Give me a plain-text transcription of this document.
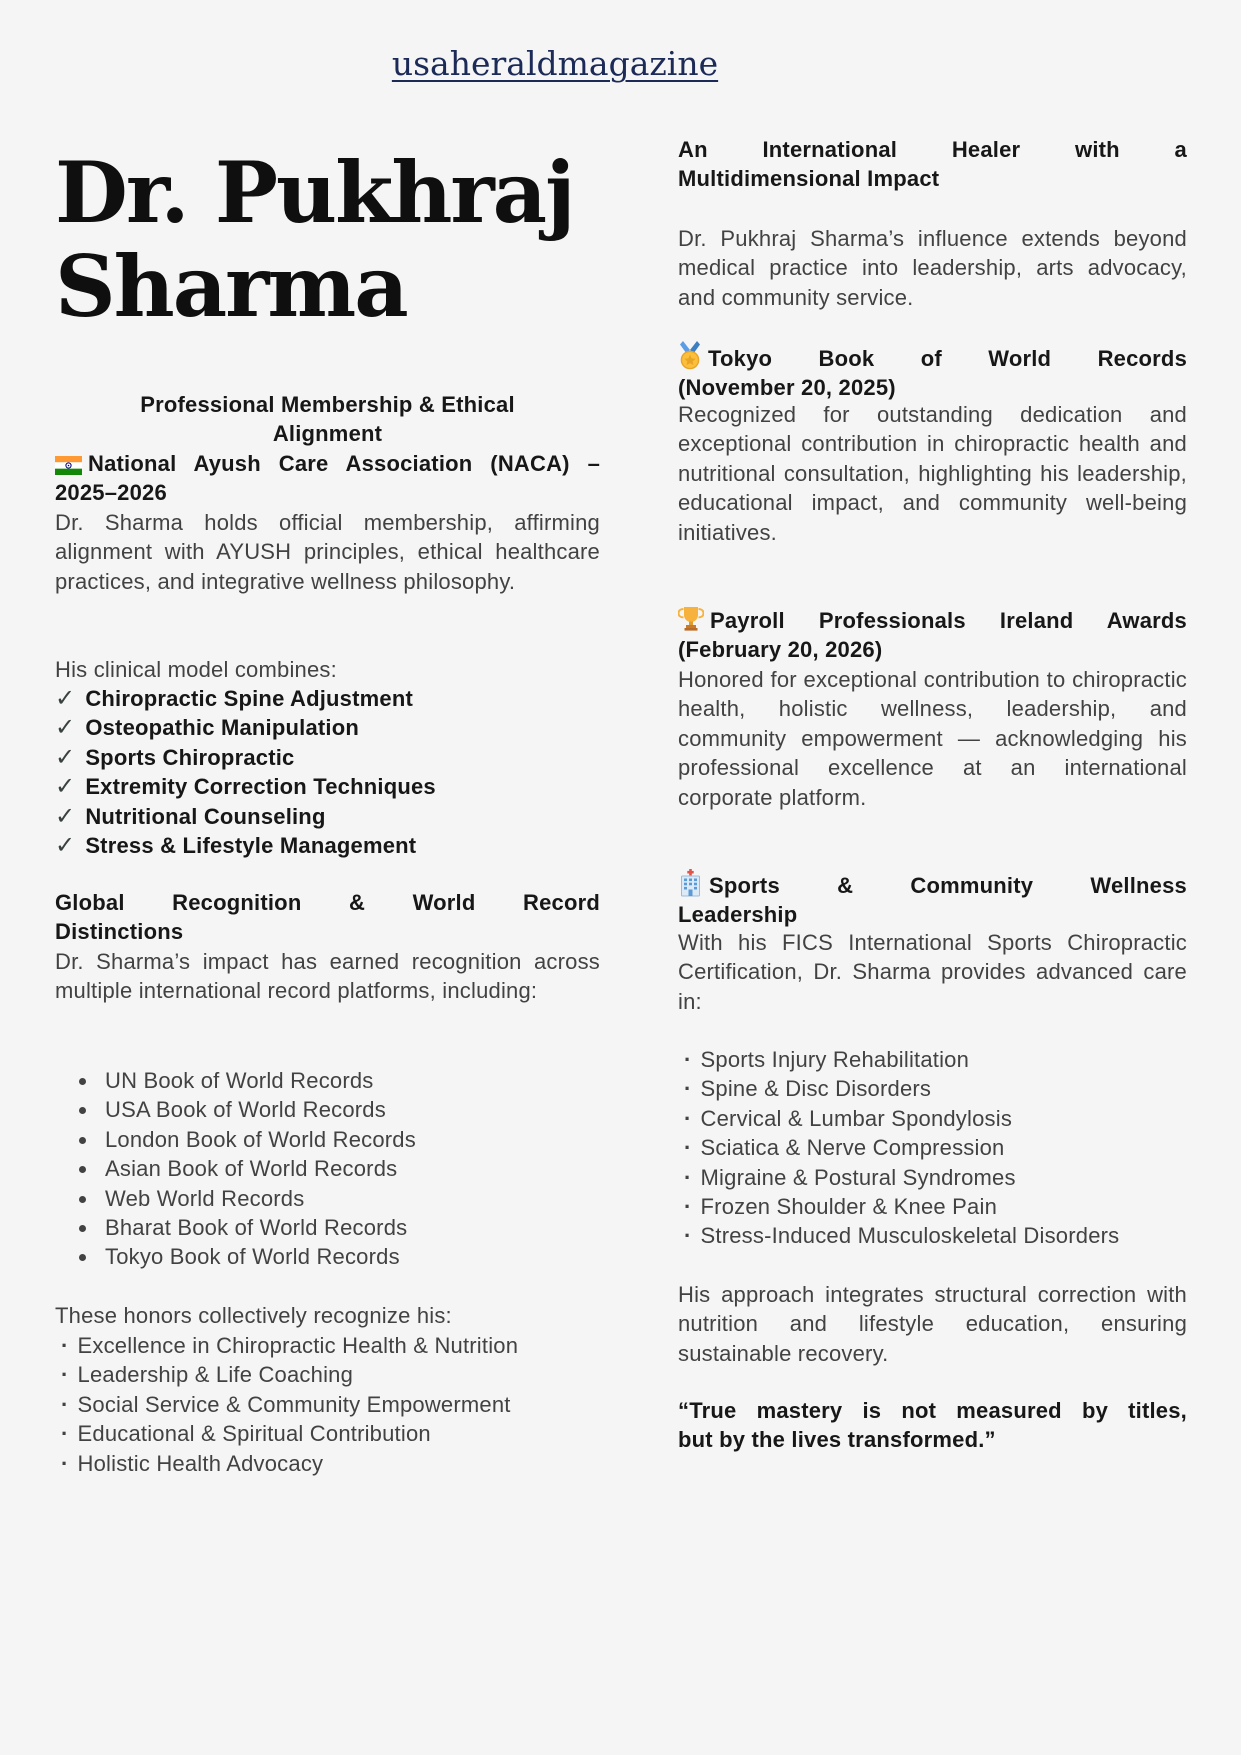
usaheraldmagazine
Dr. Pukhraj
Sharma
Professional Membership & Ethical
Alignment
National Ayush Care Association (NACA) –
2025–2026
Dr. Sharma holds official membership, affirming alignment with AYUSH principles, ethical healthcare practices, and integrative wellness philosophy.
His clinical model combines:
✓ Chiropractic Spine Adjustment
✓ Osteopathic Manipulation
✓ Sports Chiropractic
✓ Extremity Correction Techniques
✓ Nutritional Counseling
✓ Stress & Lifestyle Management
Global Recognition & World Record
Distinctions
Dr. Sharma’s impact has earned recognition across multiple international record platforms, including:
• UN Book of World Records
• USA Book of World Records
• London Book of World Records
• Asian Book of World Records
• Web World Records
• Bharat Book of World Records
• Tokyo Book of World Records
These honors collectively recognize his:
· Excellence in Chiropractic Health & Nutrition
· Leadership & Life Coaching
· Social Service & Community Empowerment
· Educational & Spiritual Contribution
· Holistic Health Advocacy
An International Healer with a
Multidimensional Impact
Dr. Pukhraj Sharma’s influence extends beyond medical practice into leadership, arts advocacy, and community service.
Tokyo Book of World Records
(November 20, 2025)
Recognized for outstanding dedication and exceptional contribution in chiropractic health and nutritional consultation, highlighting his leadership, educational impact, and community well-being initiatives.
Payroll Professionals Ireland Awards
(February 20, 2026)
Honored for exceptional contribution to chiropractic health, holistic wellness, leadership, and community empowerment — acknowledging his professional excellence at an international corporate platform.
Sports & Community Wellness
Leadership
With his FICS International Sports Chiropractic Certification, Dr. Sharma provides advanced care in:
· Sports Injury Rehabilitation
· Spine & Disc Disorders
· Cervical & Lumbar Spondylosis
· Sciatica & Nerve Compression
· Migraine & Postural Syndromes
· Frozen Shoulder & Knee Pain
· Stress-Induced Musculoskeletal Disorders
His approach integrates structural correction with nutrition and lifestyle education, ensuring sustainable recovery.
“True mastery is not measured by titles,
but by the lives transformed.”
